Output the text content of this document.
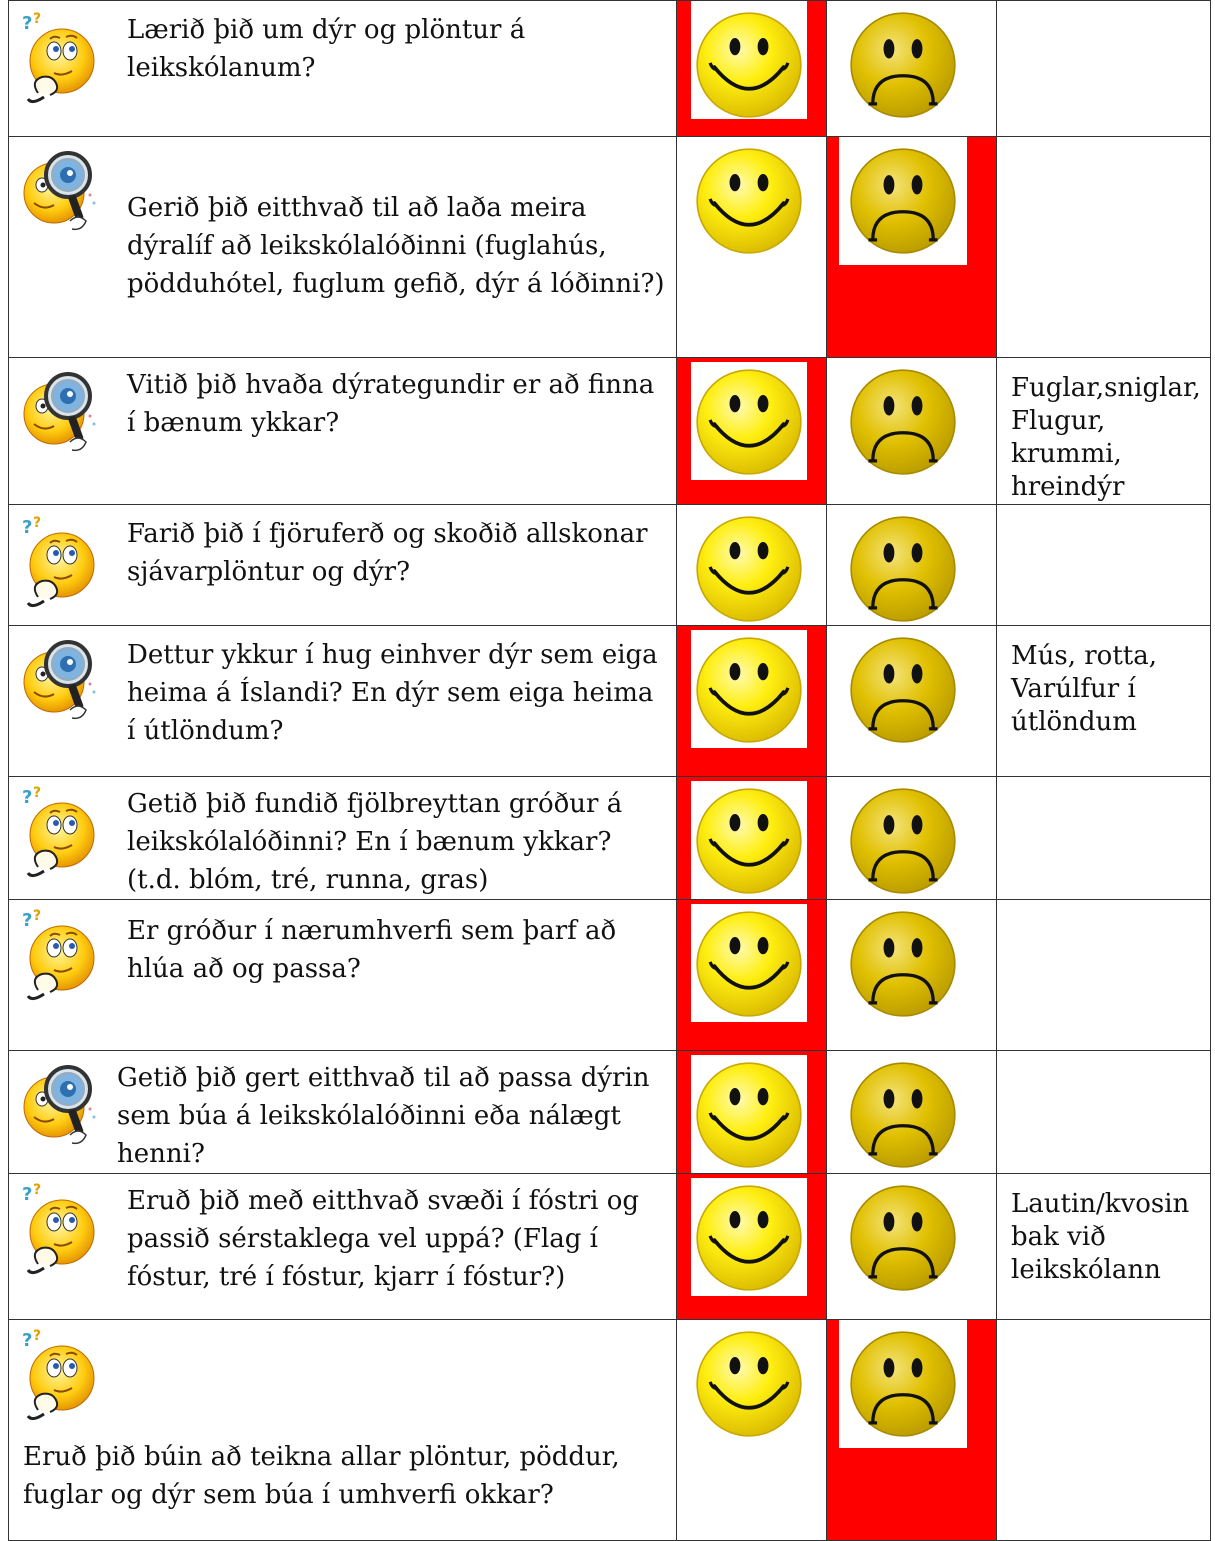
? ? Lærið þið um dýr og plöntur á leikskólanum?

Gerið þið eitthvað til að laða meira dýralíf að leikskólalóðinni (fuglahús, pödduhótel, fuglum gefið, dýr á lóðinni?)

Vitið þið hvaða dýrategundir er að finna í bænum ykkar?			Fuglar,sniglar, Flugur, krummi, hreindýr

? ? Farið þið í fjöruferð og skoðið allskonar sjávarplöntur og dýr?

Dettur ykkur í hug einhver dýr sem eiga heima á Íslandi? En dýr sem eiga heima í útlöndum?			Mús, rotta, Varúlfur í útlöndum

? ? Getið þið fundið fjölbreyttan gróður á leikskólalóðinni? En í bænum ykkar? (t.d. blóm, tré, runna, gras)

? ? Er gróður í nærumhverfi sem þarf að hlúa að og passa?

Getið þið gert eitthvað til að passa dýrin sem búa á leikskólalóðinni eða nálægt henni?

? ? Eruð þið með eitthvað svæði í fóstri og passið sérstaklega vel uppá? (Flag í fóstur, tré í fóstur, kjarr í fóstur?)			Lautin/kvosin bak við leikskólann

? ?
Eruð þið búin að teikna allar plöntur, pöddur, fuglar og dýr sem búa í umhverfi okkar?
